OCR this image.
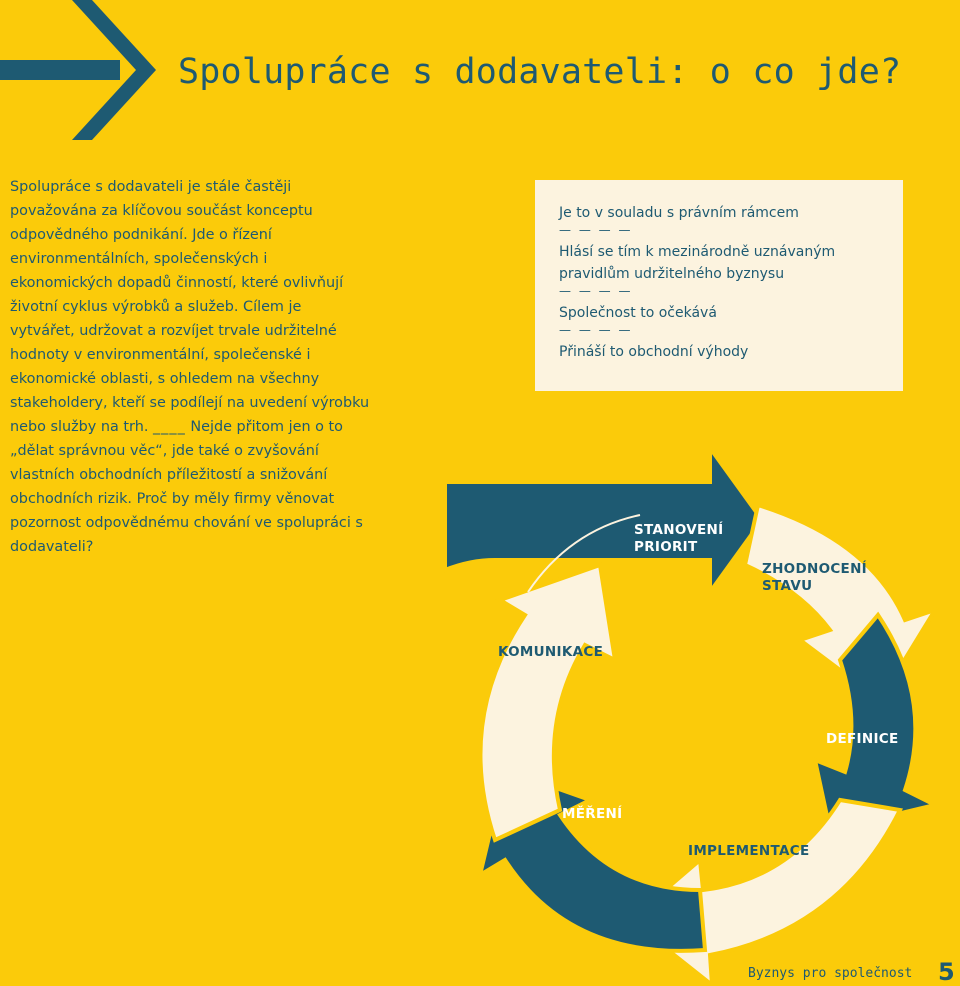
Spolupráce s dodavateli: o co jde?

Spolupráce s dodavateli je stále častěji považována za klíčovou součást konceptu odpovědného podnikání. Jde o řízení environmentálních, společenských i ekonomických dopadů činností, které ovlivňují životní cyklus výrobků a služeb. Cílem je vytvářet, udržovat a rozvíjet trvale udržitelné hodnoty v environmentální, společenské i ekonomické oblasti, s ohledem na všechny stakeholdery, kteří se podílejí na uvedení výrobku nebo služby na trh. ____ Nejde přitom jen o to „dělat správnou věc“, jde také o zvyšování vlastních obchodních příležitostí a snižování obchodních rizik. Proč by měly firmy věnovat pozornost odpovědnému chování ve spolupráci s dodavateli?

Je to v souladu s právním rámcem

— — — —

Hlásí se tím k mezinárodně uznávaným pravidlům udržitelného byznysu

— — — —

Společnost to očekává

— — — —

Přináší to obchodní výhody

STANOVENÍ PRIORIT

ZHODNOCENÍ STAVU

DEFINICE

IMPLEMENTACE

MĚŘENÍ

KOMUNIKACE

Byznys pro společnost 5
